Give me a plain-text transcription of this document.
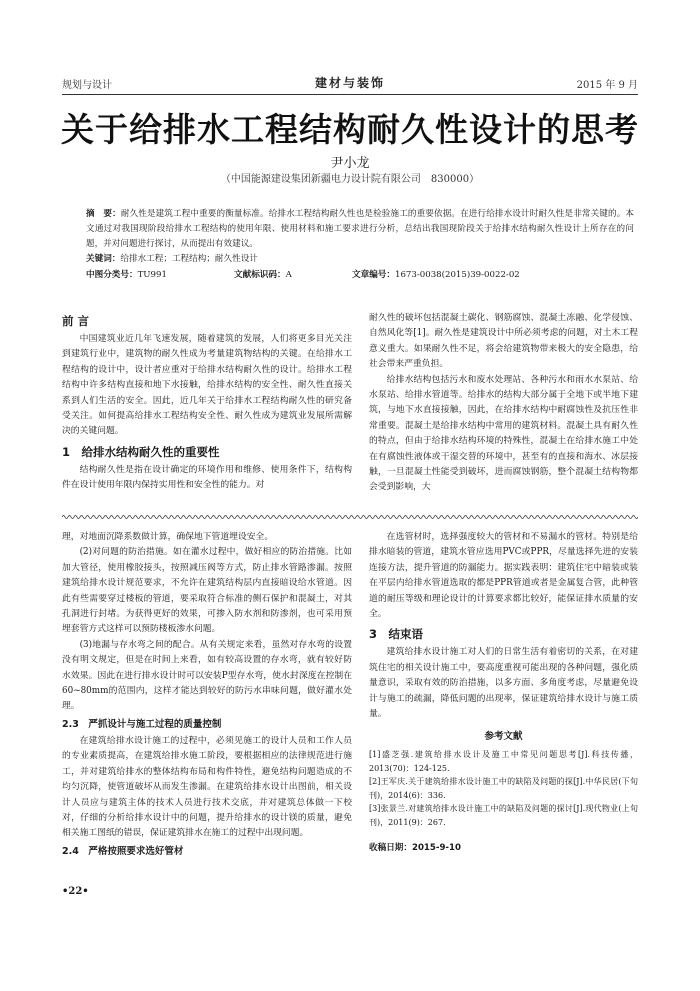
规划与设计	建材与装饰	2015 年 9 月
关于给排水工程结构耐久性设计的思考
尹小龙
（中国能源建设集团新疆电力设计院有限公司　830000）
摘　要：耐久性是建筑工程中重要的衡量标准。给排水工程结构耐久性也是检验施工的重要依据。在进行给排水设计时耐久性是非常关键的。本文通过对我国现阶段给排水工程结构的使用年限、使用材料和施工要求进行分析，总结出我国现阶段关于给排水结构耐久性设计上所存在的问题，并对问题进行探讨，从而提出有效建议。
关键词：给排水工程；工程结构；耐久性设计
中图分类号：TU991	文献标识码：A	文章编号：1673-0038(2015)39-0022-02
前 言

中国建筑业近几年飞速发展，随着建筑的发展，人们将更多目光关注到建筑行业中，建筑物的耐久性成为考量建筑物结构的关键。在给排水工程结构的设计中，设计者应重对于给排水结构耐久性的设计。给排水工程结构中许多结构直接和地下水接触，给排水结构的安全性、耐久性直接关系到人们生活的安全。因此，近几年关于给排水工程结构耐久性的研究备受关注。如何提高给排水工程结构安全性、耐久性成为建筑业发展所需解决的关键问题。

1　给排水结构耐久性的重要性

结构耐久性是指在设计确定的环境作用和维修、使用条件下，结构构件在设计使用年限内保持实用性和安全性的能力。对

耐久性的破坏包括混凝土碳化、钢筋腐蚀、混凝土冻融、化学侵蚀、自然风化等[1]。耐久性是建筑设计中所必须考虑的问题，对土木工程意义重大。如果耐久性不足，将会给建筑物带来极大的安全隐患，给社会带来严重负担。

给排水结构包括污水和废水处理站、各种污水和雨水水泵站、给水泵站、给排水管道等。给排水的结构大部分属于全地下或半地下建筑，与地下水直接接触，因此，在给排水结构中耐腐蚀性及抗压性非常重要。混凝土是给排水结构中常用的建筑材料。混凝土具有耐久性的特点，但由于给排水结构环境的特殊性，混凝土在给排水施工中处在有腐蚀性液体或干湿交替的环境中，甚至有的直接和海水、冰层接触，一旦混凝土性能受到破坏，进而腐蚀钢筋，整个混凝土结构物都会受到影响，大

理，对地面沉降系数做计算，确保地下管道埋设安全。

(2)对问题的防治措施。如在灌水过程中，做好相应的防治措施。比如加大管径，使用橡胶接头，按照减压阀等方式，防止排水管路渗漏。按照建筑给排水设计规范要求，不允许在建筑结构层内直接暗设给水管道。因此有些需要穿过楼板的管道，要采取符合标准的侧石保护和混凝土，对其孔洞进行封堵。为获得更好的效果，可掺入防水剂和防渗剂，也可采用预埋套管方式这样可以预防楼板渗水问题。

(3)地漏与存水弯之间的配合。从有关规定来看，虽然对存水弯的设置没有明文规定，但是在时间上来看，如有较高设置的存水弯，就有较好防水效果。因此在进行排水设计时可以安装P型存水弯，使水封深度在控制在60~80mm的范围内，这样才能达到较好的防污水串味问题，做好灌水处理。

2.3　严抓设计与施工过程的质量控制

在建筑给排水设计施工的过程中，必须见施工的设计人员和工作人员的专业素质提高，在建筑给排水施工阶段，要根据相应的法律规范进行施工，并对建筑给排水的整体结构布局和构件特性，避免结构问题造成的不均匀沉降，使管道破坏从而发生渗漏。在建筑给排水设计出图前，相关设计人员应与建筑主体的技术人员进行技术交底，并对建筑总体做一下校对，仔细的分析给排水设计中的问题，提升给排水的设计镁的质量，避免相关施工图纸的错误，保证建筑排水在施工的过程中出现问题。

2.4　严格按照要求选好管材

在选管材时，选择强度较大的管材和不易漏水的管材。特别是给排水暗装的管道，建筑水管应选用PVC或PPR，尽量选择先进的安装连接方法，提升管道的防漏能力。据实践表明：建筑住宅中暗装或装在平层内给排水管道选取的都是PPR管道或者是金属复合管，此种管道的耐压等级和理论设计的计算要求都比较好，能保证排水质量的安全。

3　结束语

建筑给排水设计施工对人们的日常生活有着密切的关系，在对建筑住宅的相关设计施工中，要高度重视可能出现的各种问题，强化质量意识，采取有效的防治措施，以多方面、多角度考虑，尽量避免设计与施工的疏漏，降低问题的出现率，保证建筑给排水设计与施工质量。

参考文献

[1]盛芝强.建筑给排水设计及施工中常见问题思考[J].科技传播，2013(70)：124-125.

[2]王军庆.关于建筑给排水设计施工中的缺陷及问题的探[J].中华民居(下旬刊)，2014(6)：336.

[3]张景兰.对建筑给排水设计施工中的缺陷及问题的探讨[J].现代物业(上旬刊)，2011(9)：267.

收稿日期：2015-9-10

•22•
